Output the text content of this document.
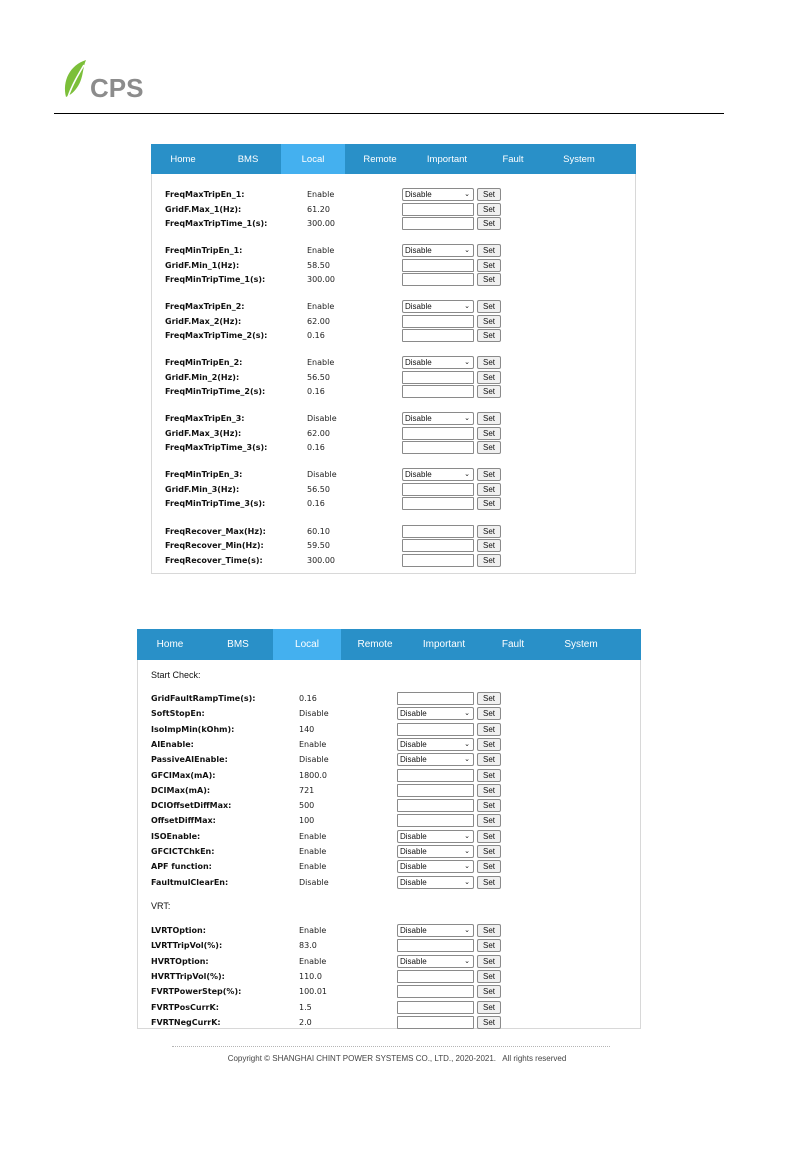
CPS
Home	BMS	Local	Remote	Important	Fault	System
FreqMaxTripEn_1:	Enable	Disable	⌄	Set
GridF.Max_1(Hz):	61.20	Set
FreqMaxTripTime_1(s):	300.00	Set
FreqMinTripEn_1:	Enable	Disable	⌄	Set
GridF.Min_1(Hz):	58.50	Set
FreqMinTripTime_1(s):	300.00	Set
FreqMaxTripEn_2:	Enable	Disable	⌄	Set
GridF.Max_2(Hz):	62.00	Set
FreqMaxTripTime_2(s):	0.16	Set
FreqMinTripEn_2:	Enable	Disable	⌄	Set
GridF.Min_2(Hz):	56.50	Set
FreqMinTripTime_2(s):	0.16	Set
FreqMaxTripEn_3:	Disable	Disable	⌄	Set
GridF.Max_3(Hz):	62.00	Set
FreqMaxTripTime_3(s):	0.16	Set
FreqMinTripEn_3:	Disable	Disable	⌄	Set
GridF.Min_3(Hz):	56.50	Set
FreqMinTripTime_3(s):	0.16	Set
FreqRecover_Max(Hz):	60.10	Set
FreqRecover_Min(Hz):	59.50	Set
FreqRecover_Time(s):	300.00	Set
Home	BMS	Local	Remote	Important	Fault	System
Start Check:
GridFaultRampTime(s):	0.16	Set
SoftStopEn:	Disable	Disable	⌄	Set
IsoImpMin(kOhm):	140	Set
AIEnable:	Enable	Disable	⌄	Set
PassiveAIEnable:	Disable	Disable	⌄	Set
GFCIMax(mA):	1800.0	Set
DCIMax(mA):	721	Set
DCIOffsetDiffMax:	500	Set
OffsetDiffMax:	100	Set
ISOEnable:	Enable	Disable	⌄	Set
GFCICTChkEn:	Enable	Disable	⌄	Set
APF function:	Enable	Disable	⌄	Set
FaultmulClearEn:	Disable	Disable	⌄	Set
VRT:
LVRTOption:	Enable	Disable	⌄	Set
LVRTTripVol(%):	83.0	Set
HVRTOption:	Enable	Disable	⌄	Set
HVRTTripVol(%):	110.0	Set
FVRTPowerStep(%):	100.01	Set
FVRTPosCurrK:	1.5	Set
FVRTNegCurrK:	2.0	Set
Copyright © SHANGHAI CHINT POWER SYSTEMS CO., LTD., 2020-2021. All rights reserved
